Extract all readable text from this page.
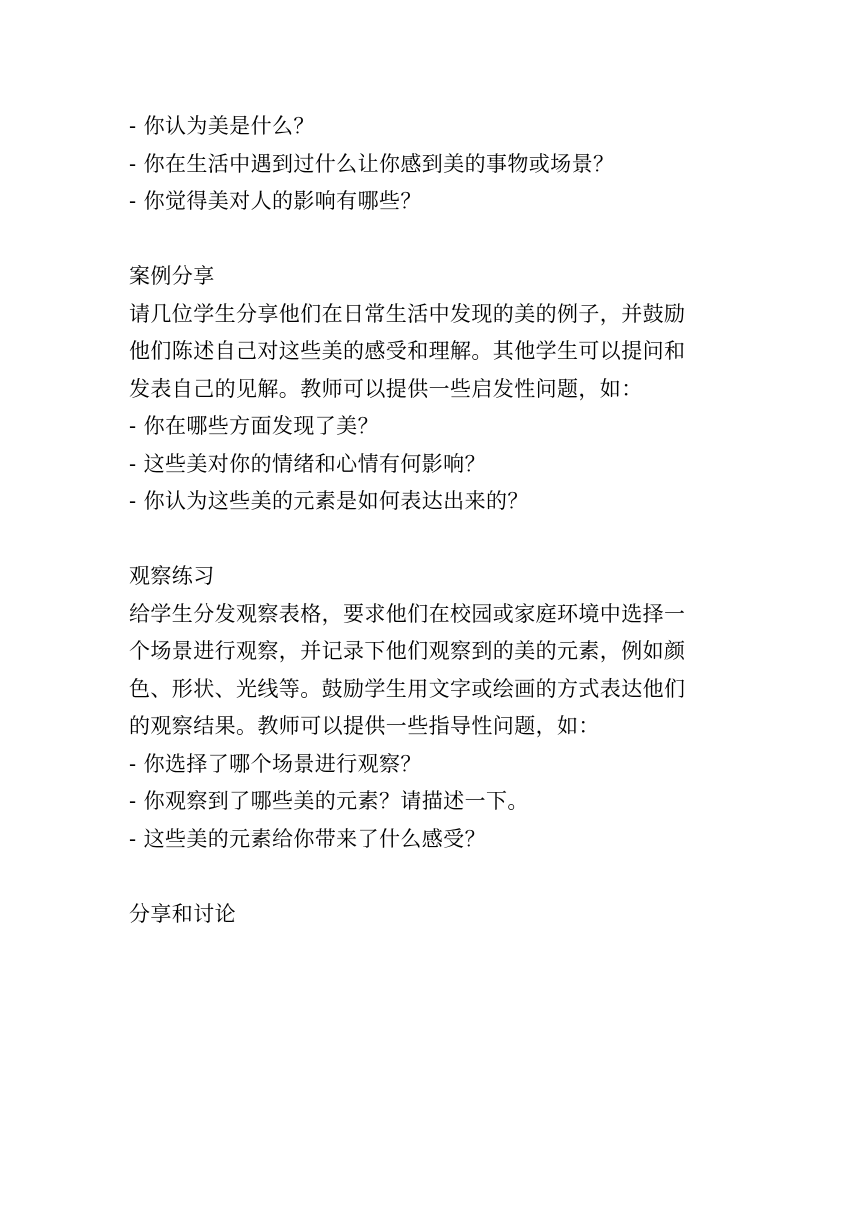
- 你认为美是什么？
- 你在生活中遇到过什么让你感到美的事物或场景？
- 你觉得美对人的影响有哪些？
案例分享
请几位学生分享他们在日常生活中发现的美的例子，并鼓励
他们陈述自己对这些美的感受和理解。其他学生可以提问和
发表自己的见解。教师可以提供一些启发性问题，如：
- 你在哪些方面发现了美？
- 这些美对你的情绪和心情有何影响？
- 你认为这些美的元素是如何表达出来的？
观察练习
给学生分发观察表格，要求他们在校园或家庭环境中选择一
个场景进行观察，并记录下他们观察到的美的元素，例如颜
色、形状、光线等。鼓励学生用文字或绘画的方式表达他们
的观察结果。教师可以提供一些指导性问题，如：
- 你选择了哪个场景进行观察？
- 你观察到了哪些美的元素？请描述一下。
- 这些美的元素给你带来了什么感受？
分享和讨论
